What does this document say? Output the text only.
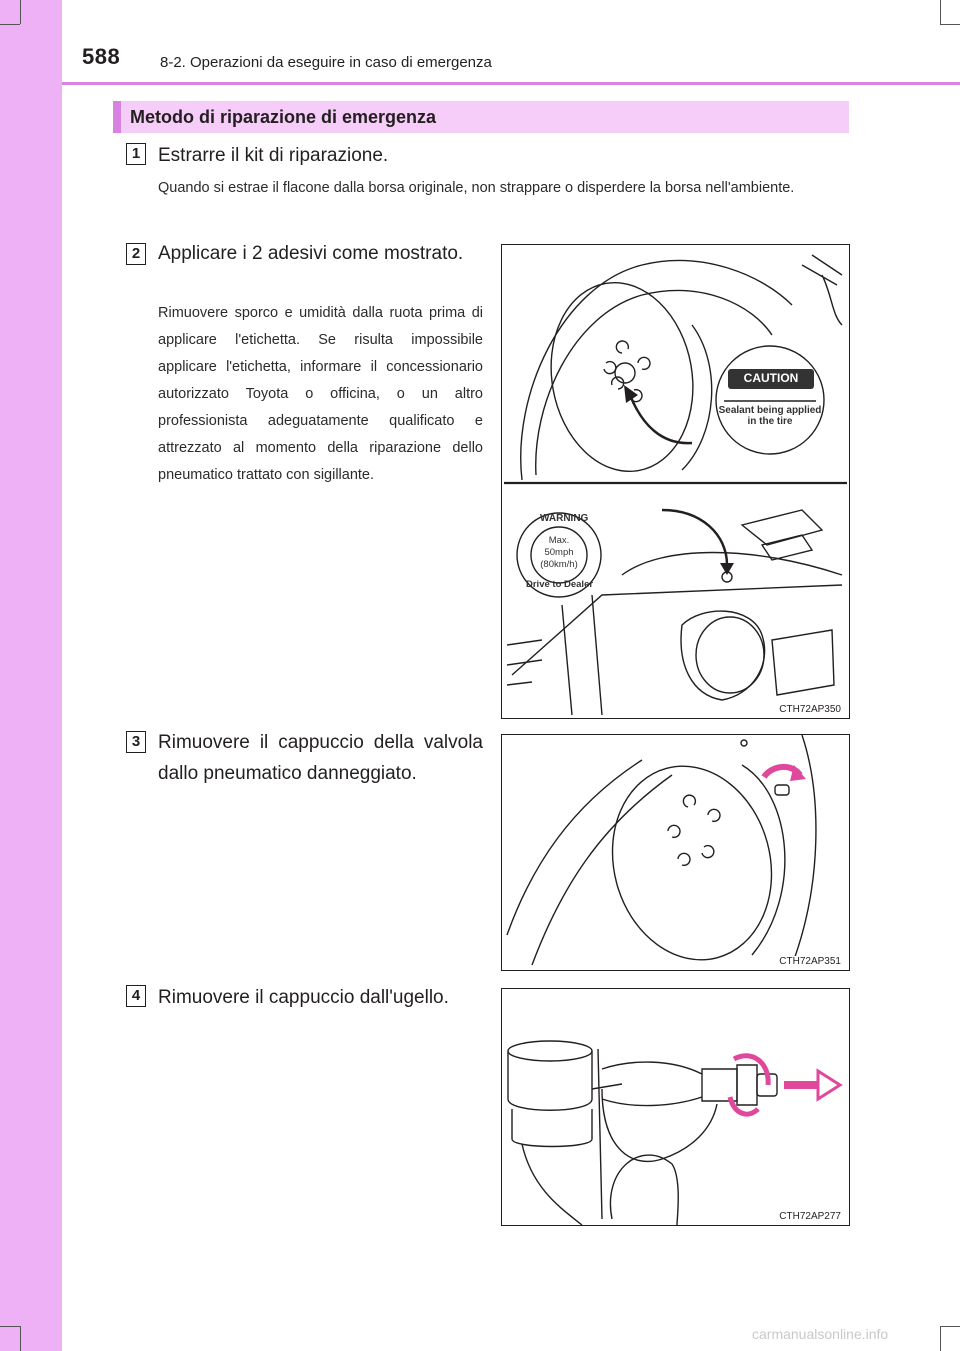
588	8-2. Operazioni da eseguire in caso di emergenza
Metodo di riparazione di emergenza
1 Estrarre il kit di riparazione.
Quando si estrae il flacone dalla borsa originale, non strappare o disperdere la borsa nell'ambiente.
2 Applicare i 2 adesivi come mostrato.
Rimuovere sporco e umidità dalla ruota prima di applicare l'etichetta. Se risulta impossibile applicare l'etichetta, informare il concessionario autorizzato Toyota o officina, o un altro professionista adeguatamente qualificato e attrezzato al momento della riparazione dello pneumatico trattato con sigillante.
CAUTION
Sealant being applied in the tire
WARNING
Max. 50mph (80km/h)
Drive to Dealer
CTH72AP350
3 Rimuovere il cappuccio della valvola dallo pneumatico danneggiato.
CTH72AP351
4 Rimuovere il cappuccio dall'ugello.
CTH72AP277
carmanualsonline.info
